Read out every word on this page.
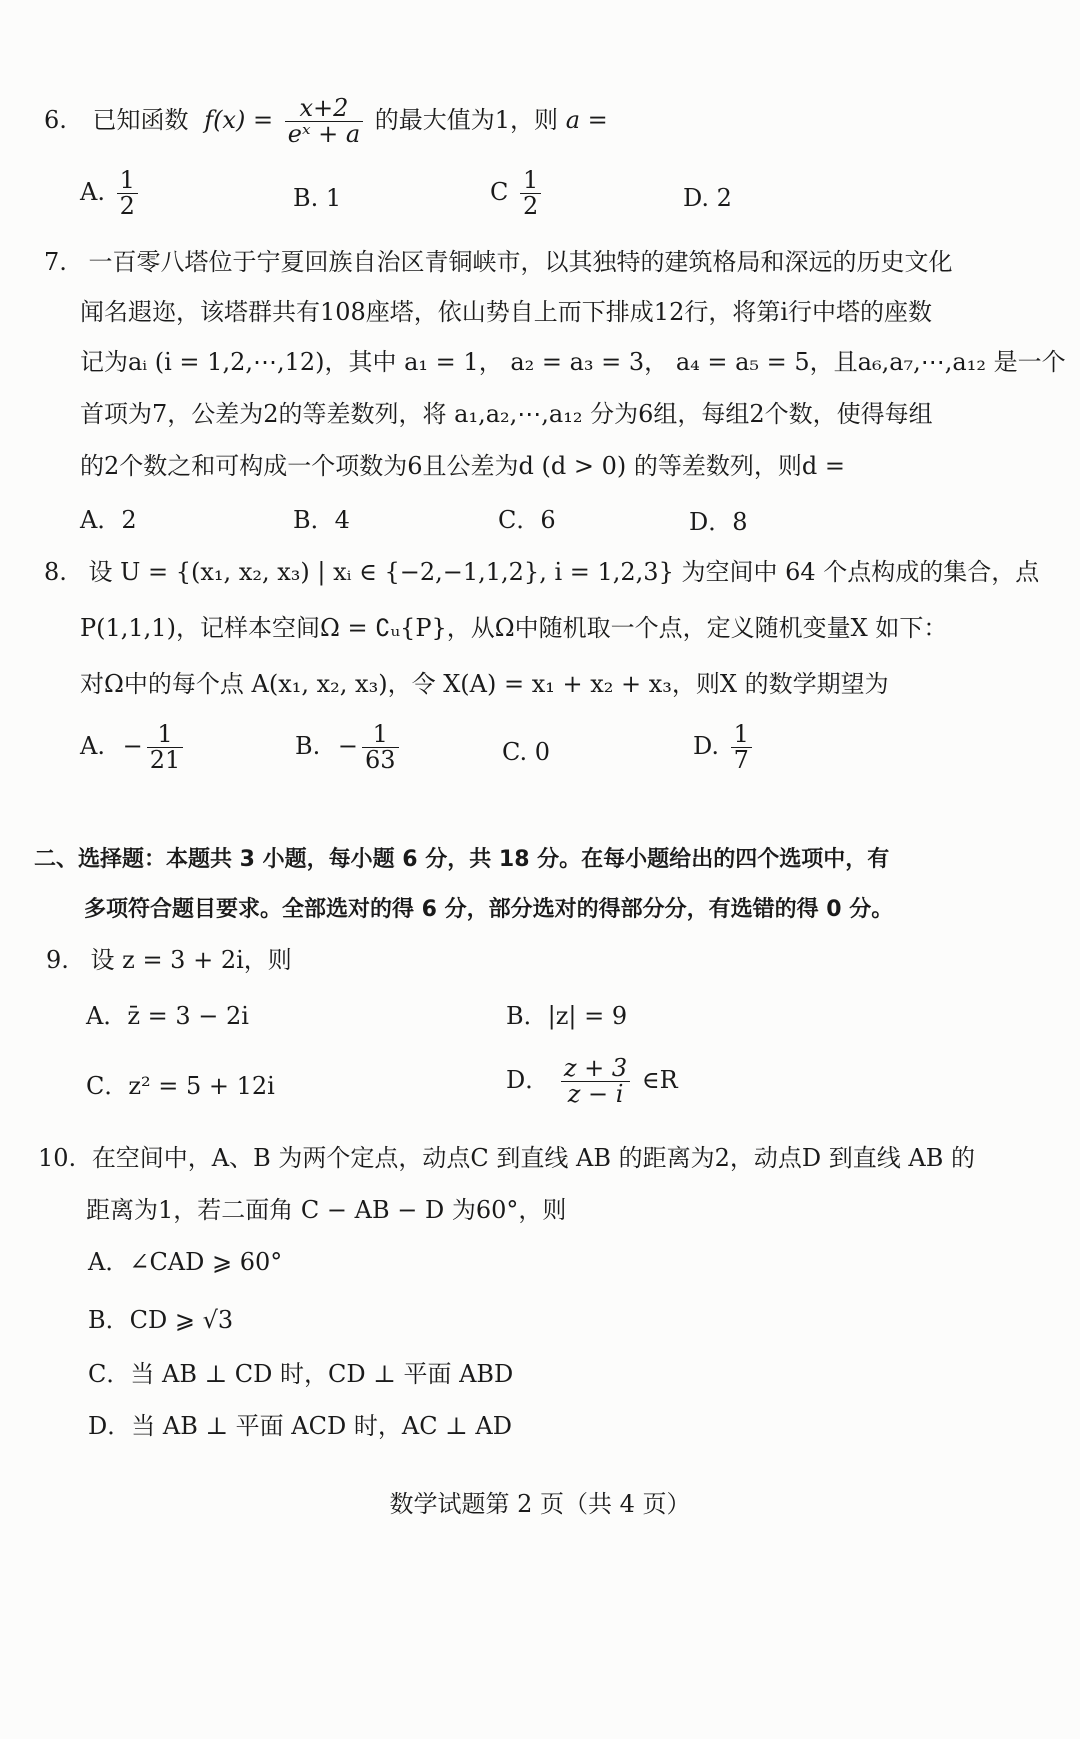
6. 已知函数 $f(x) = \frac{x+2}{\text{eˣ + a}}$ 的最大值为1，则 a =
A. $\frac{1}{2}$	B. 1	C $\frac{1}{2}$	D. 2
7. 一百零八塔位于宁夏回族自治区青铜峡市，以其独特的建筑格局和深远的历史文化
闻名遐迩，该塔群共有108座塔，依山势自上而下排成12行，将第i行中塔的座数
记为aᵢ (i = 1,2,⋯,12)，其中 a₁ = 1， a₂ = a₃ = 3， a₄ = a₅ = 5，且a₆,a₇,⋯,a₁₂ 是一个
首项为7，公差为2的等差数列，将 a₁,a₂,⋯,a₁₂ 分为6组，每组2个数，使得每组
的2个数之和可构成一个项数为6且公差为d (d > 0) 的等差数列，则d =
A．2	B．4	C．6	D．8
8. 设 U = {(x₁, x₂, x₃) | xᵢ ∈ {−2,−1,1,2}, i = 1,2,3} 为空间中 64 个点构成的集合，点
P(1,1,1)，记样本空间Ω = ∁ᵤ{P}，从Ω中随机取一个点，定义随机变量X 如下：
对Ω中的每个点 A(x₁, x₂, x₃)，令 X(A) = x₁ + x₂ + x₃，则X 的数学期望为
A. − $\frac{1}{21}$	B. − $\frac{1}{63}$	C. 0	D. $\frac{1}{7}$
二、选择题：本题共 3 小题，每小题 6 分，共 18 分。在每小题给出的四个选项中，有
多项符合题目要求。全部选对的得 6 分，部分选对的得部分分，有选错的得 0 分。
9. 设 z = 3 + 2i，则
A．z̄ = 3 − 2i	B．|z| = 9
C．z² = 5 + 12i	D． $\frac{z + 3}{z - i}$ ∈R
10. 在空间中，A、B 为两个定点，动点C 到直线 AB 的距离为2，动点D 到直线 AB 的
距离为1，若二面角 C − AB − D 为60°，则
A．∠CAD ⩾ 60°
B．CD ⩾ √3
C．当 AB ⊥ CD 时，CD ⊥ 平面 ABD
D．当 AB ⊥ 平面 ACD 时，AC ⊥ AD
数学试题第 2 页（共 4 页）
